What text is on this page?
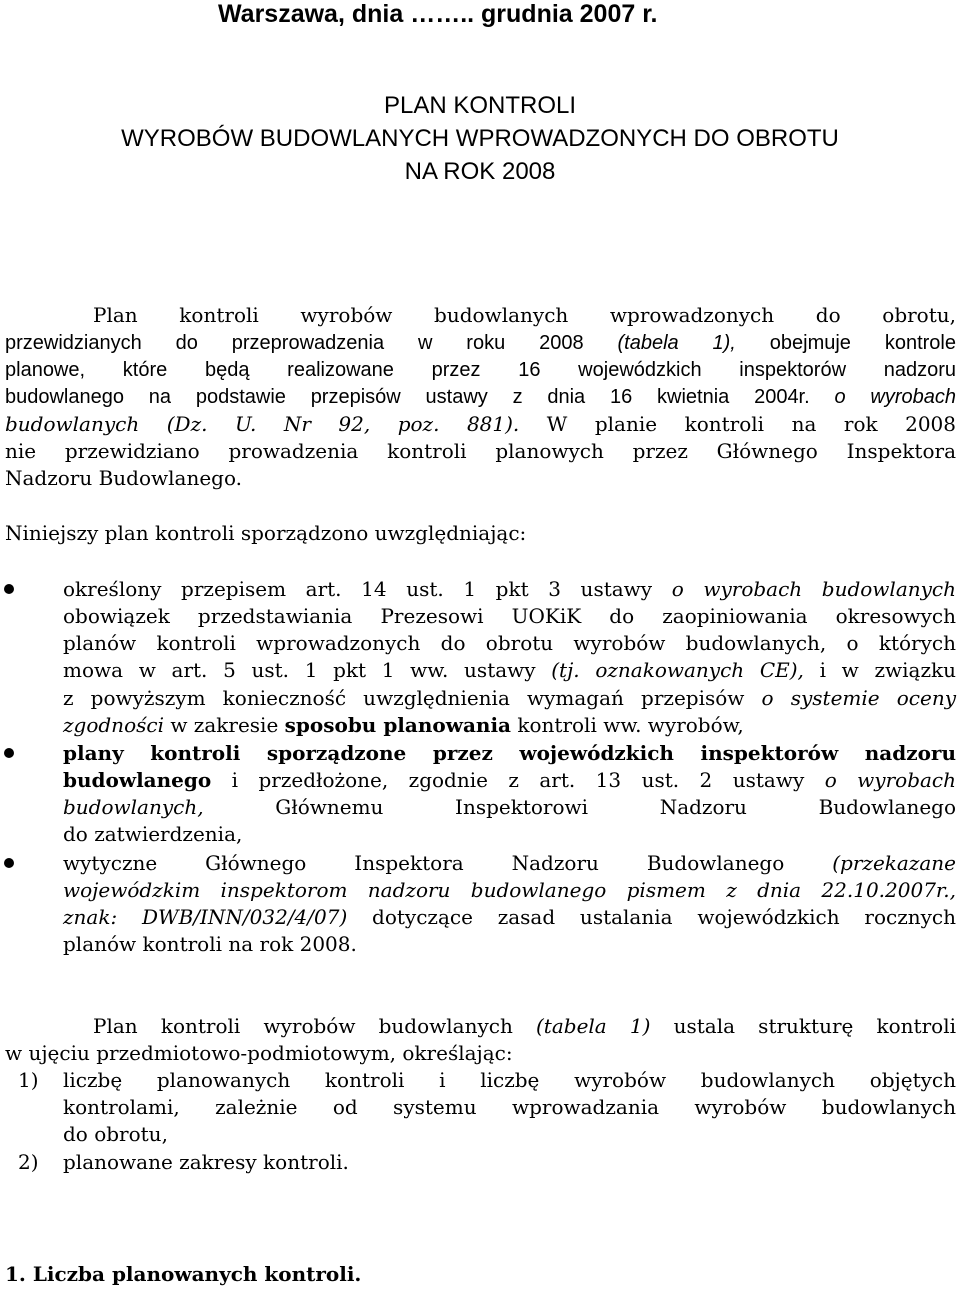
Warszawa, dnia …….. grudnia 2007 r.
PLAN KONTROLI
WYROBÓW BUDOWLANYCH WPROWADZONYCH DO OBROTU
NA ROK 2008
Plan kontroli wyrobów budowlanych wprowadzonych do obrotu,
przewidzianych do przeprowadzenia w roku 2008 (tabela 1), obejmuje kontrole
planowe, które będą realizowane przez 16 wojewódzkich inspektorów nadzoru
budowlanego na podstawie przepisów ustawy z dnia 16 kwietnia 2004r. o wyrobach
budowlanych (Dz. U. Nr 92, poz. 881). W planie kontroli na rok 2008
nie przewidziano prowadzenia kontroli planowych przez Głównego Inspektora
Nadzoru Budowlanego.
Niniejszy plan kontroli sporządzono uwzględniając:
określony przepisem art. 14 ust. 1 pkt 3 ustawy o wyrobach budowlanych
obowiązek przedstawiania Prezesowi UOKiK do zaopiniowania okresowych
planów kontroli wprowadzonych do obrotu wyrobów budowlanych, o których
mowa w art. 5 ust. 1 pkt 1 ww. ustawy (tj. oznakowanych CE), i w związku
z powyższym konieczność uwzględnienia wymagań przepisów o systemie oceny
zgodności w zakresie sposobu planowania kontroli ww. wyrobów,
plany kontroli sporządzone przez wojewódzkich inspektorów nadzoru
budowlanego i przedłożone, zgodnie z art. 13 ust. 2 ustawy o wyrobach
budowlanych, Głównemu Inspektorowi Nadzoru Budowlanego
do zatwierdzenia,
wytyczne Głównego Inspektora Nadzoru Budowlanego (przekazane
wojewódzkim inspektorom nadzoru budowlanego pismem z dnia 22.10.2007r.,
znak: DWB/INN/032/4/07) dotyczące zasad ustalania wojewódzkich rocznych
planów kontroli na rok 2008.
Plan kontroli wyrobów budowlanych (tabela 1) ustala strukturę kontroli
w ujęciu przedmiotowo-podmiotowym, określając:
1)	liczbę planowanych kontroli i liczbę wyrobów budowlanych objętych
kontrolami, zależnie od systemu wprowadzania wyrobów budowlanych
do obrotu,
2)	planowane zakresy kontroli.
1. Liczba planowanych kontroli.
